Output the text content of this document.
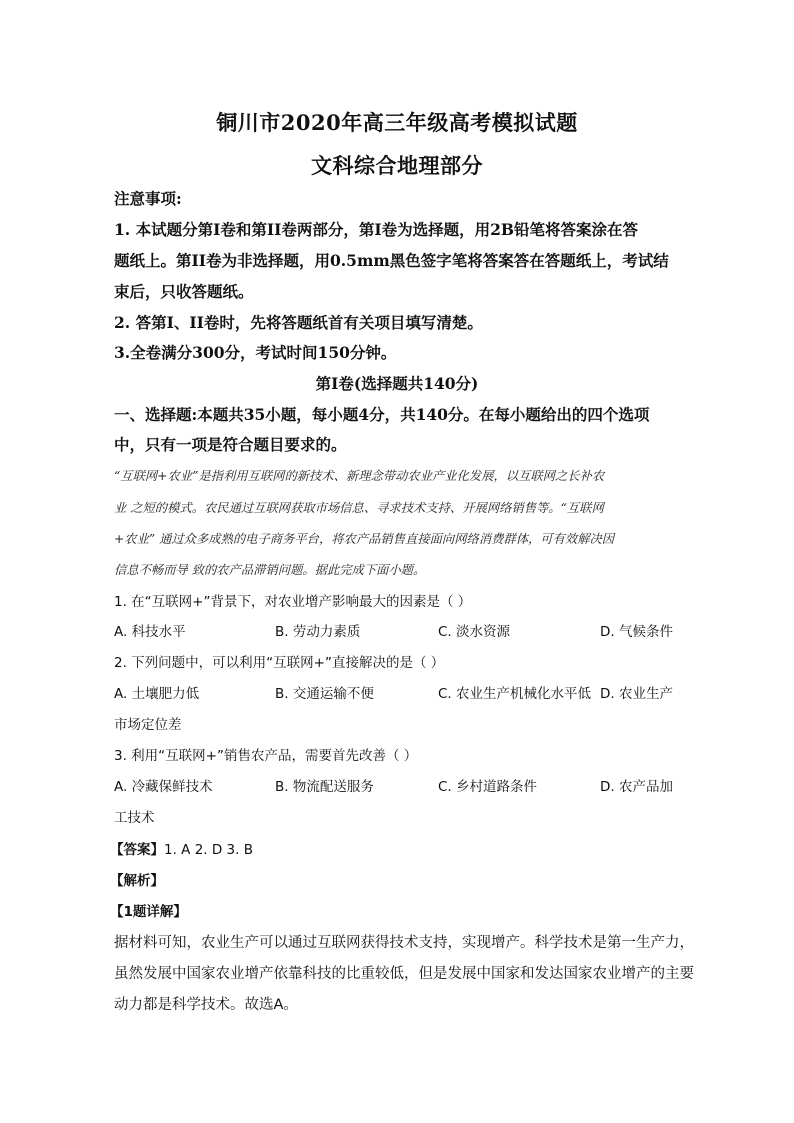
铜川市2020年高三年级高考模拟试题
文科综合地理部分
注意事项:
1. 本试题分第Ⅰ卷和第II卷两部分，第Ⅰ卷为选择题，用2B铅笔将答案涂在答
题纸上。第II卷为非选择题，用0.5mm黑色签字笔将答案答在答题纸上，考试结
束后，只收答题纸。
2. 答第Ⅰ、II卷时，先将答题纸首有关项目填写清楚。
3.全卷满分300分，考试时间150分钟。
第Ⅰ卷(选择题共140分)
一、选择题:本题共35小题，每小题4分，共140分。在每小题给出的四个选项
中，只有一项是符合题目要求的。
“互联网+农业”是指利用互联网的新技术、新理念带动农业产业化发展，以互联网之长补农
业 之短的模式。农民通过互联网获取市场信息、寻求技术支持、开展网络销售等。“互联网
+农业” 通过众多成熟的电子商务平台，将农产品销售直接面向网络消费群体，可有效解决因
信息不畅而导 致的农产品滞销问题。据此完成下面小题。
1. 在“互联网+”背景下，对农业增产影响最大的因素是（ ）
A. 科技水平	B. 劳动力素质	C. 淡水资源	D. 气候条件
2. 下列问题中，可以利用“互联网+”直接解决的是（ ）
A. 土壤肥力低	B. 交通运输不便	C. 农业生产机械化水平低 D. 农业生产
市场定位差
3. 利用“互联网+”销售农产品，需要首先改善（ ）
A. 冷藏保鲜技术	B. 物流配送服务	C. 乡村道路条件	D. 农产品加
工技术
【答案】1. A 2. D 3. B
【解析】
【1题详解】
据材料可知，农业生产可以通过互联网获得技术支持，实现增产。科学技术是第一生产力，
虽然发展中国家农业增产依靠科技的比重较低，但是发展中国家和发达国家农业增产的主要
动力都是科学技术。故选A。
